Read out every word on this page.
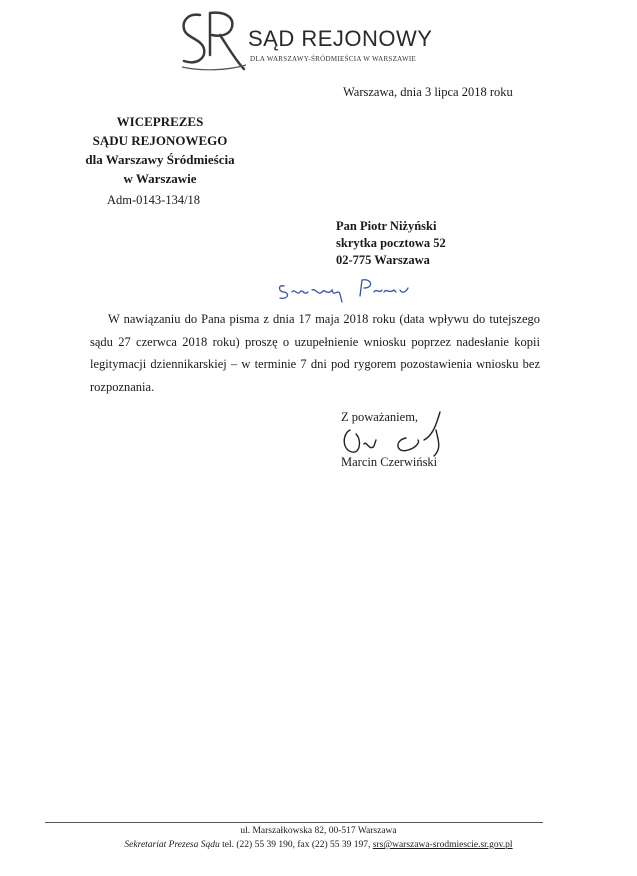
SĄD REJONOWY
DLA WARSZAWY-ŚRÓDMIEŚCIA W WARSZAWIE
Warszawa, dnia 3 lipca 2018 roku
WICEPREZES
SĄDU REJONOWEGO
dla Warszawy Śródmieścia
w Warszawie
Adm-0143-134/18
Pan Piotr Niżyński
skrytka pocztowa 52
02-775 Warszawa
W nawiązaniu do Pana pisma z dnia 17 maja 2018 roku (data wpływu do tutejszego sądu 27 czerwca 2018 roku) proszę o uzupełnienie wniosku poprzez nadesłanie kopii legitymacji dziennikarskiej – w terminie 7 dni pod rygorem pozostawienia wniosku bez rozpoznania.
Z poważaniem,
Marcin Czerwiński
ul. Marszałkowska 82, 00-517 Warszawa
Sekretariat Prezesa Sądu tel. (22) 55 39 190, fax (22) 55 39 197, srs@warszawa-srodmiescie.sr.gov.pl
